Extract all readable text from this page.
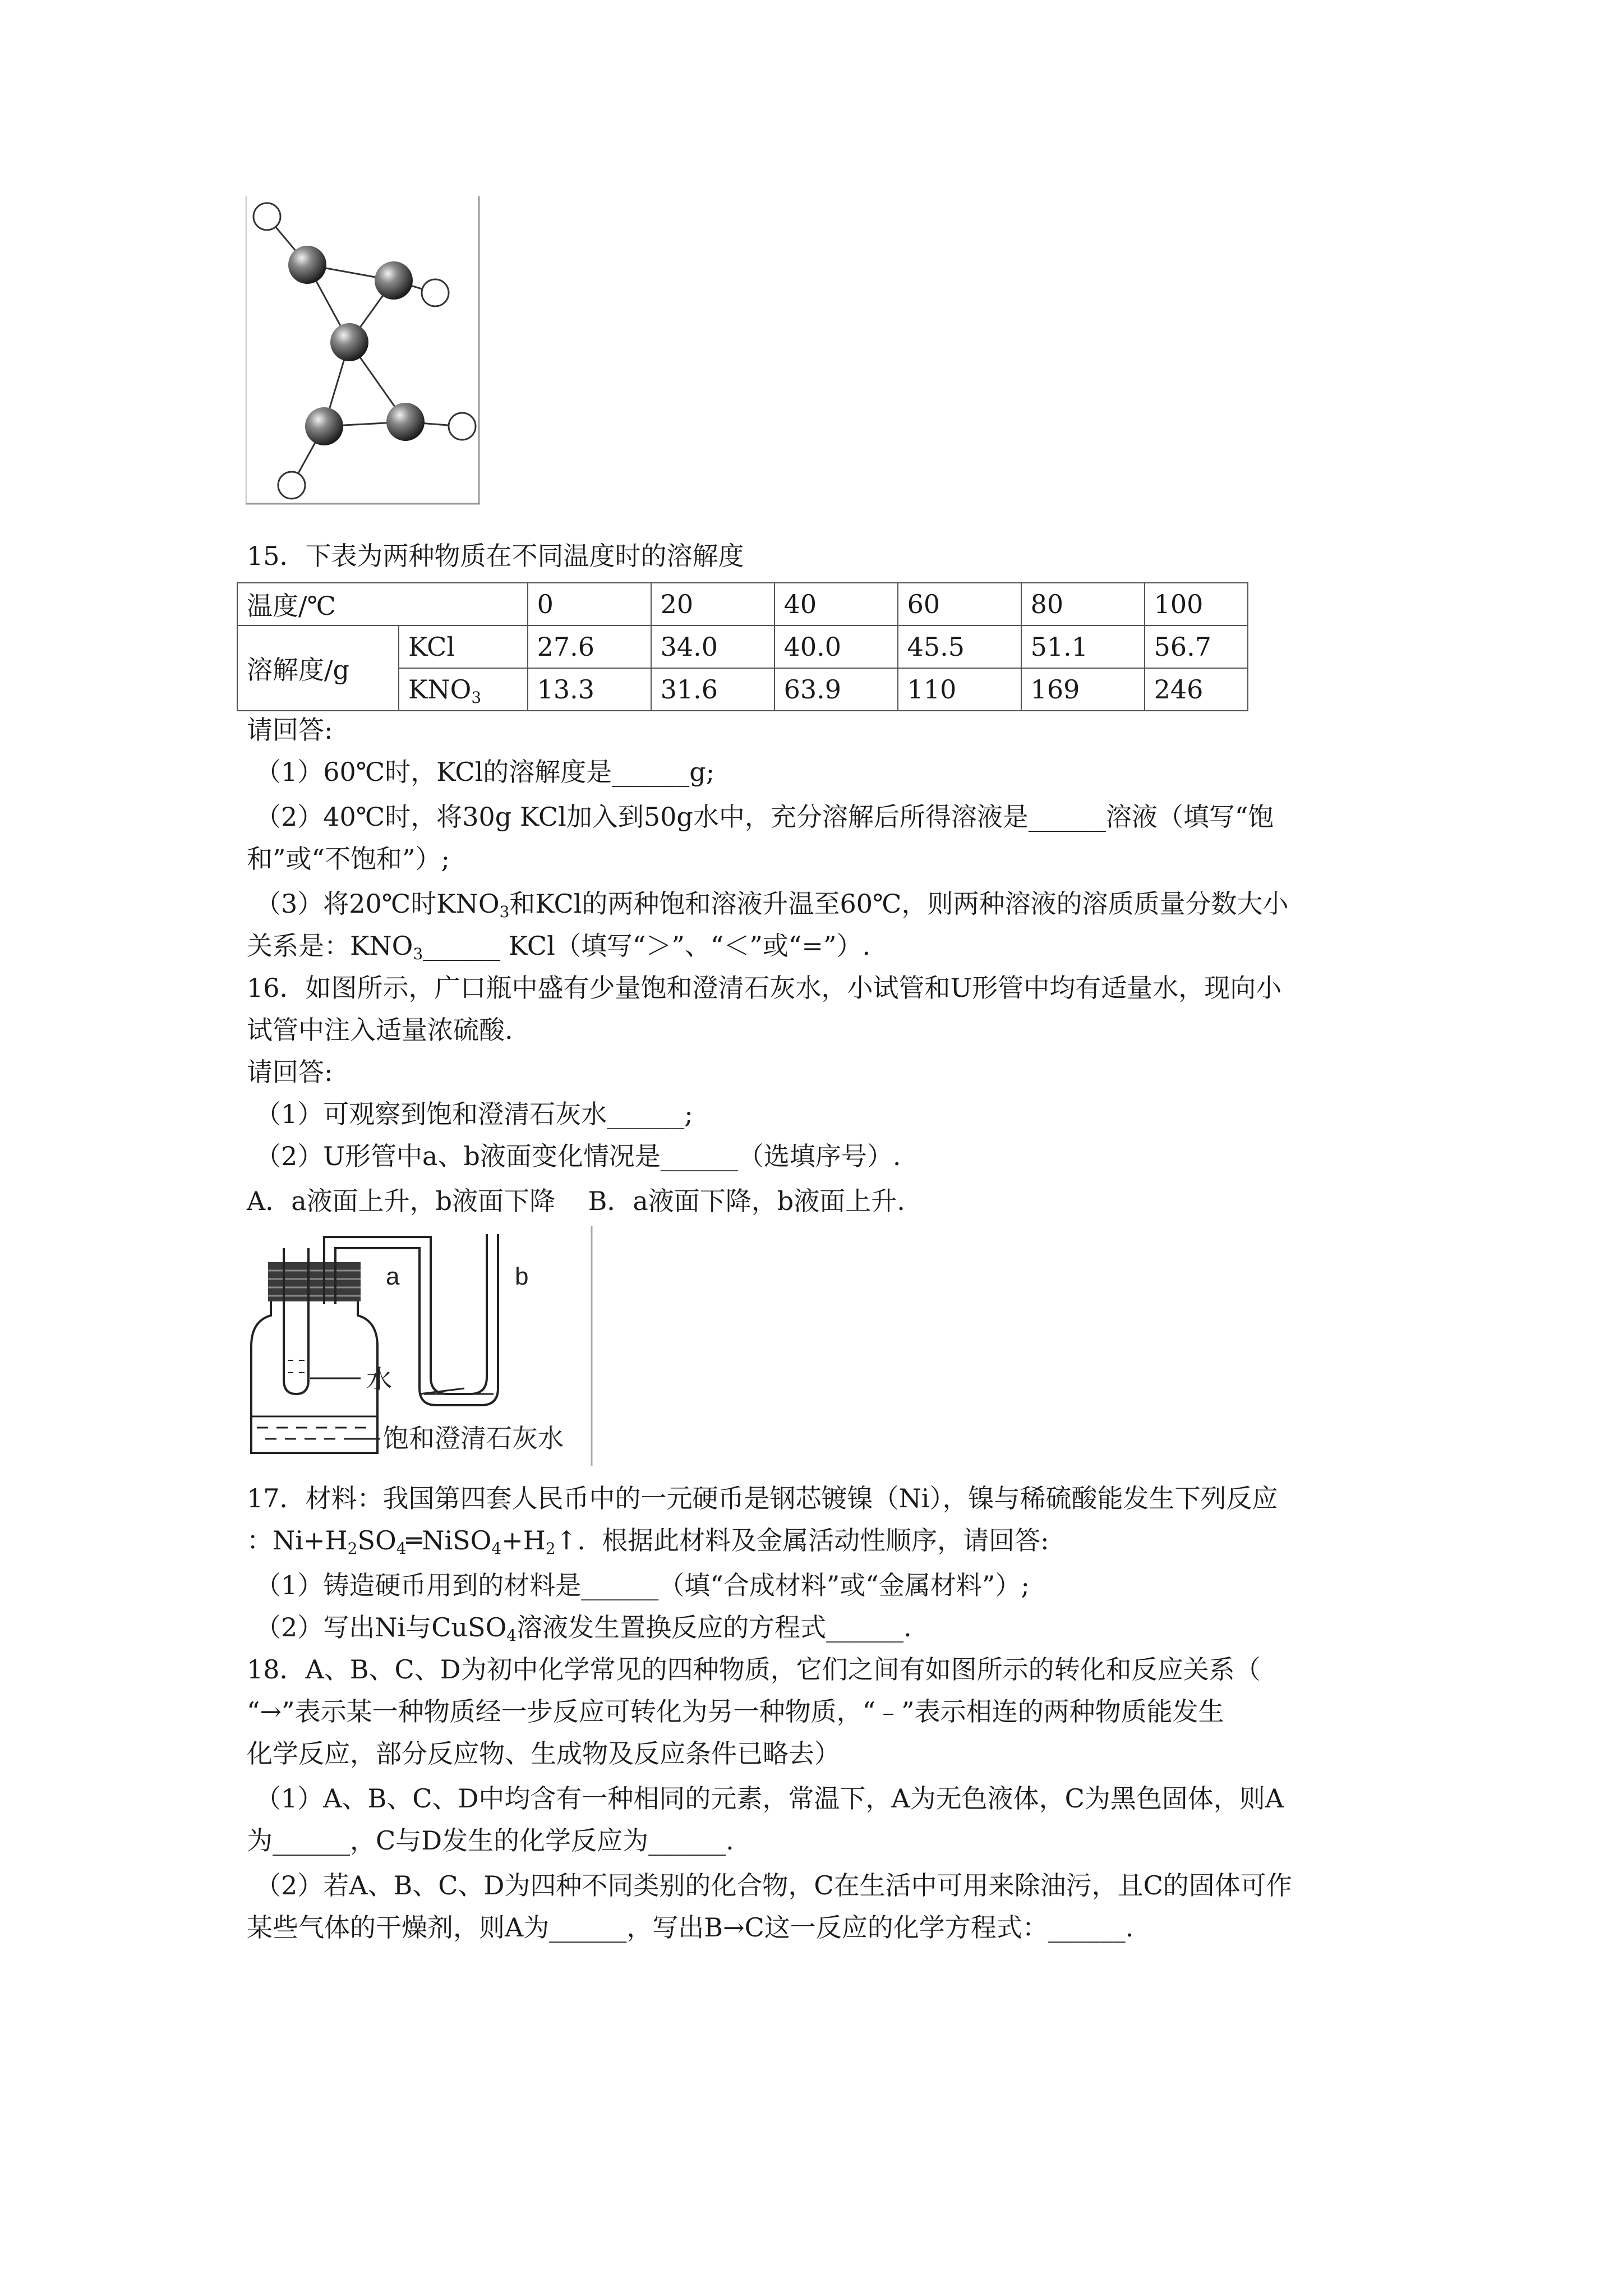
15．下表为两种物质在不同温度时的溶解度
温度/℃		0	20	40	60	80	100
溶解度/g	KCl	27.6	34.0	40.0	45.5	51.1	56.7
	$KNO_3$	13.3	31.6	63.9	110	169	246
请回答:
（1）60℃时，KCl的溶解度是______g;
（2）40℃时，将30g KCl加入到50g水中，充分溶解后所得溶液是______溶液（填写“饱
和”或“不饱和”）;
（3）将20℃时$KNO_3$和KCl的两种饱和溶液升温至60℃，则两种溶液的溶质质量分数大小
关系是：$KNO_3\_\_\_\_\_\_$ KCl（填写“＞”、“＜”或“=”）.
16．如图所示，广口瓶中盛有少量饱和澄清石灰水，小试管和U形管中均有适量水，现向小
试管中注入适量浓硫酸.
请回答:
（1）可观察到饱和澄清石灰水______;
（2）U形管中a、b液面变化情况是______（选填序号）.
A．a液面上升，b液面下降    B．a液面下降，b液面上升.
a	b
水
饱和澄清石灰水
17．材料：我国第四套人民币中的一元硬币是钢芯镀镍（Ni），镍与稀硫酸能发生下列反应
：$Ni+H_2SO_4═NiSO_4+H_2↑$.  根据此材料及金属活动性顺序，请回答:
（1）铸造硬币用到的材料是______（填“合成材料”或“金属材料”）;
（2）写出Ni与CuSO$_4$溶液发生置换反应的方程式______.
18．A、B、C、D为初中化学常见的四种物质，它们之间有如图所示的转化和反应关系（
“→”表示某一种物质经一步反应可转化为另一种物质，“﹣”表示相连的两种物质能发生
化学反应，部分反应物、生成物及反应条件已略去）
（1）A、B、C、D中均含有一种相同的元素，常温下，A为无色液体，C为黑色固体，则A
为______，C与D发生的化学反应为______.
（2）若A、B、C、D为四种不同类别的化合物，C在生活中可用来除油污，且C的固体可作
某些气体的干燥剂，则A为______，写出B→C这一反应的化学方程式：______.
